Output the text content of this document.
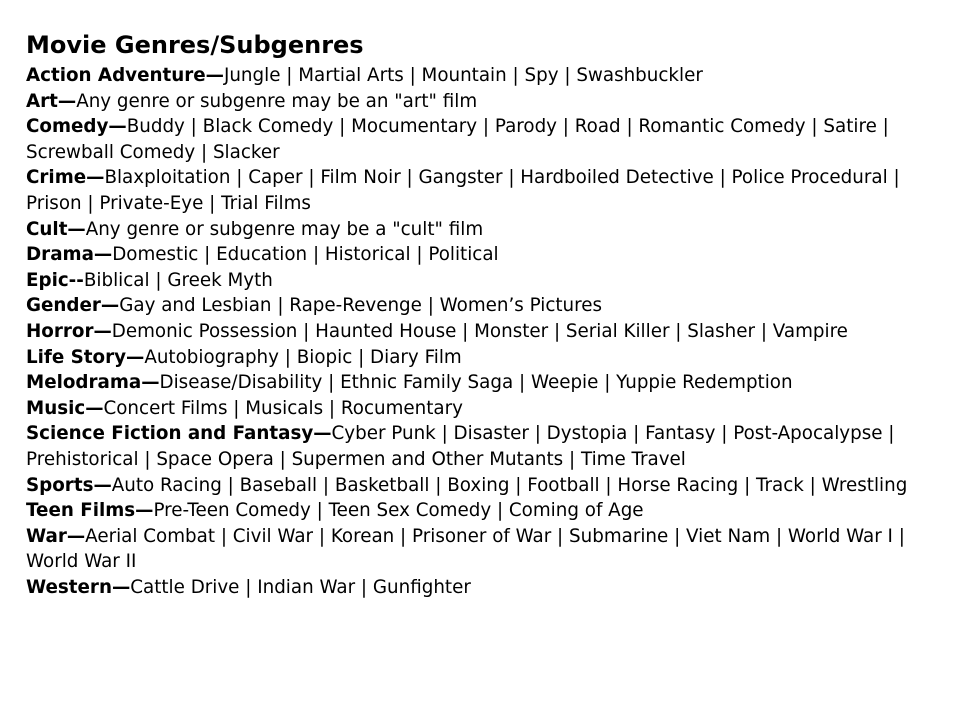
Movie Genres/Subgenres
Action Adventure—Jungle | Martial Arts | Mountain | Spy | Swashbuckler
Art—Any genre or subgenre may be an "art" film
Comedy—Buddy | Black Comedy | Mocumentary | Parody | Road | Romantic Comedy | Satire | Screwball Comedy | Slacker
Crime—Blaxploitation | Caper | Film Noir | Gangster | Hardboiled Detective | Police Procedural | Prison | Private-Eye | Trial Films
Cult—Any genre or subgenre may be a "cult" film
Drama—Domestic | Education | Historical | Political
Epic--Biblical | Greek Myth
Gender—Gay and Lesbian | Rape-Revenge | Women’s Pictures
Horror—Demonic Possession | Haunted House | Monster | Serial Killer | Slasher | Vampire
Life Story—Autobiography | Biopic | Diary Film
Melodrama—Disease/Disability | Ethnic Family Saga | Weepie | Yuppie Redemption
Music—Concert Films | Musicals | Rocumentary
Science Fiction and Fantasy—Cyber Punk | Disaster | Dystopia | Fantasy | Post-Apocalypse | Prehistorical | Space Opera | Supermen and Other Mutants | Time Travel
Sports—Auto Racing | Baseball | Basketball | Boxing | Football | Horse Racing | Track | Wrestling
Teen Films—Pre-Teen Comedy | Teen Sex Comedy | Coming of Age
War—Aerial Combat | Civil War | Korean | Prisoner of War | Submarine | Viet Nam | World War I | World War II
Western—Cattle Drive | Indian War | Gunfighter
